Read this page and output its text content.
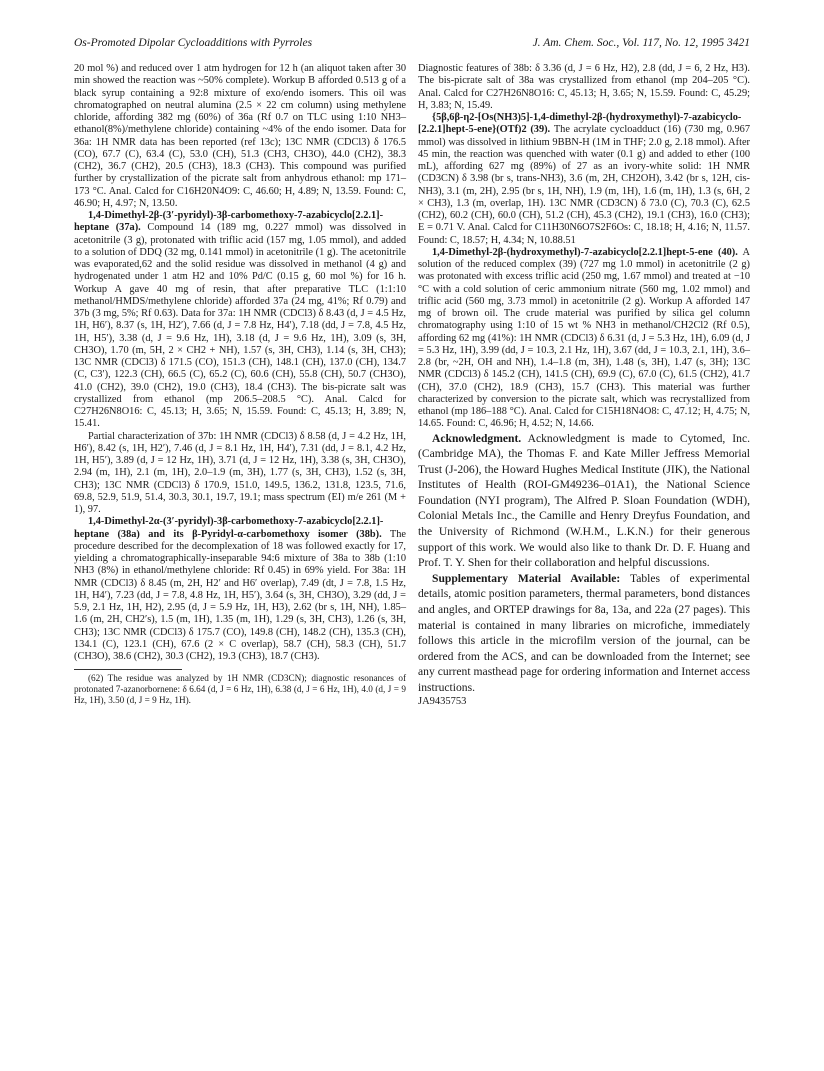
Os-Promoted Dipolar Cycloadditions with Pyrroles	J. Am. Chem. Soc., Vol. 117, No. 12, 1995 3421

20 mol %) and reduced over 1 atm hydrogen for 12 h (an aliquot taken after 30 min showed the reaction was ~50% complete). Workup B afforded 0.513 g of a black syrup containing a 92:8 mixture of exo/endo isomers. This oil was chromatographed on neutral alumina (2.5 × 22 cm column) using methylene chloride, affording 382 mg (60%) of 36a (Rf 0.7 on TLC using 1:10 NH3–ethanol(8%)/methylene chloride) containing ~4% of the endo isomer. Data for 36a: 1H NMR data has been reported (ref 13c); 13C NMR (CDCl3) δ 176.5 (CO), 67.7 (C), 63.4 (C), 53.0 (CH), 51.3 (CH3, CH3O), 44.0 (CH2), 38.3 (CH2), 36.7 (CH2), 20.5 (CH3), 18.3 (CH3). This compound was purified further by crystallization of the picrate salt from anhydrous ethanol: mp 171–173 °C. Anal. Calcd for C16H20N4O9: C, 46.60; H, 4.89; N, 13.59. Found: C, 46.90; H, 4.97; N, 13.50.

1,4-Dimethyl-2β-(3′-pyridyl)-3β-carbomethoxy-7-azabicyclo[2.2.1]-heptane (37a). Compound 14 (189 mg, 0.227 mmol) was dissolved in acetonitrile (3 g), protonated with triflic acid (157 mg, 1.05 mmol), and added to a solution of DDQ (32 mg, 0.141 mmol) in acetonitrile (1 g). The acetonitrile was evaporated,62 and the solid residue was dissolved in methanol (4 g) and hydrogenated under 1 atm H2 and 10% Pd/C (0.15 g, 60 mol %) for 16 h. Workup A gave 40 mg of resin, that after preparative TLC (1:1:10 methanol/HMDS/methylene chloride) afforded 37a (24 mg, 41%; Rf 0.79) and 37b (3 mg, 5%; Rf 0.63). Data for 37a: 1H NMR (CDCl3) δ 8.43 (d, J = 4.5 Hz, 1H, H6′), 8.37 (s, 1H, H2′), 7.66 (d, J = 7.8 Hz, H4′), 7.18 (dd, J = 7.8, 4.5 Hz, 1H, H5′), 3.38 (d, J = 9.6 Hz, 1H), 3.18 (d, J = 9.6 Hz, 1H), 3.09 (s, 3H, CH3O), 1.70 (m, 5H, 2 × CH2 + NH), 1.57 (s, 3H, CH3), 1.14 (s, 3H, CH3); 13C NMR (CDCl3) δ 171.5 (CO), 151.3 (CH), 148.1 (CH), 137.0 (CH), 134.7 (C, C3′), 122.3 (CH), 66.5 (C), 65.2 (C), 60.6 (CH), 55.8 (CH), 50.7 (CH3O), 41.0 (CH2), 39.0 (CH2), 19.0 (CH3), 18.4 (CH3). The bis-picrate salt was crystallized from ethanol (mp 206.5–208.5 °C). Anal. Calcd for C27H26N8O16: C, 45.13; H, 3.65; N, 15.59. Found: C, 45.13; H, 3.89; N, 15.41.

Partial characterization of 37b: 1H NMR (CDCl3) δ 8.58 (d, J = 4.2 Hz, 1H, H6′), 8.42 (s, 1H, H2′), 7.46 (d, J = 8.1 Hz, 1H, H4′), 7.31 (dd, J = 8.1, 4.2 Hz, 1H, H5′), 3.89 (d, J = 12 Hz, 1H), 3.71 (d, J = 12 Hz, 1H), 3.38 (s, 3H, CH3O), 2.94 (m, 1H), 2.1 (m, 1H), 2.0–1.9 (m, 3H), 1.77 (s, 3H, CH3), 1.52 (s, 3H, CH3); 13C NMR (CDCl3) δ 170.9, 151.0, 149.5, 136.2, 131.8, 123.5, 71.6, 69.8, 52.9, 51.9, 51.4, 30.3, 30.1, 19.7, 19.1; mass spectrum (EI) m/e 261 (M + 1), 97.

1,4-Dimethyl-2α-(3′-pyridyl)-3β-carbomethoxy-7-azabicyclo[2.2.1]-heptane (38a) and its β-Pyridyl-α-carbomethoxy isomer (38b). The procedure described for the decomplexation of 18 was followed exactly for 17, yielding a chromatographically-inseparable 94:6 mixture of 38a to 38b (1:10 NH3 (8%) in ethanol/methylene chloride: Rf 0.45) in 69% yield. For 38a: 1H NMR (CDCl3) δ 8.45 (m, 2H, H2′ and H6′ overlap), 7.49 (dt, J = 7.8, 1.5 Hz, 1H, H4′), 7.23 (dd, J = 7.8, 4.8 Hz, 1H, H5′), 3.64 (s, 3H, CH3O), 3.29 (dd, J = 5.9, 2.1 Hz, 1H, H2), 2.95 (d, J = 5.9 Hz, 1H, H3), 2.62 (br s, 1H, NH), 1.85–1.6 (m, 2H, CH2′s), 1.5 (m, 1H), 1.35 (m, 1H), 1.29 (s, 3H, CH3), 1.26 (s, 3H, CH3); 13C NMR (CDCl3) δ 175.7 (CO), 149.8 (CH), 148.2 (CH), 135.3 (CH), 134.1 (C), 123.1 (CH), 67.6 (2 × C overlap), 58.7 (CH), 58.3 (CH), 51.7 (CH3O), 38.6 (CH2), 30.3 (CH2), 19.3 (CH3), 18.7 (CH3).

(62) The residue was analyzed by 1H NMR (CD3CN); diagnostic resonances of protonated 7-azanorbornene: δ 6.64 (d, J = 6 Hz, 1H), 6.38 (d, J = 6 Hz, 1H), 4.0 (d, J = 9 Hz, 1H), 3.50 (d, J = 9 Hz, 1H).

Diagnostic features of 38b: δ 3.36 (d, J = 6 Hz, H2), 2.8 (dd, J = 6, 2 Hz, H3). The bis-picrate salt of 38a was crystallized from ethanol (mp 204–205 °C). Anal. Calcd for C27H26N8O16: C, 45.13; H, 3.65; N, 15.59. Found: C, 45.29; H, 3.83; N, 15.49.

{5β,6β-η2-[Os(NH3)5]-1,4-dimethyl-2β-(hydroxymethyl)-7-azabicyclo-[2.2.1]hept-5-ene}(OTf)2 (39). The acrylate cycloadduct (16) (730 mg, 0.967 mmol) was dissolved in lithium 9BBN-H (1M in THF; 2.0 g, 2.18 mmol). After 45 min, the reaction was quenched with water (0.1 g) and added to ether (100 mL), affording 627 mg (89%) of 27 as an ivory-white solid: 1H NMR (CD3CN) δ 3.98 (br s, trans-NH3), 3.6 (m, 2H, CH2OH), 3.42 (br s, 12H, cis-NH3), 3.1 (m, 2H), 2.95 (br s, 1H, NH), 1.9 (m, 1H), 1.6 (m, 1H), 1.3 (s, 6H, 2 × CH3), 1.3 (m, overlap, 1H). 13C NMR (CD3CN) δ 73.0 (C), 70.3 (C), 62.5 (CH2), 60.2 (CH), 60.0 (CH), 51.2 (CH), 45.3 (CH2), 19.1 (CH3), 16.0 (CH3); E = 0.71 V. Anal. Calcd for C11H30N6O7S2F6Os: C, 18.18; H, 4.16; N, 11.57. Found: C, 18.57; H, 4.34; N, 10.88.51

1,4-Dimethyl-2β-(hydroxymethyl)-7-azabicyclo[2.2.1]hept-5-ene (40). A solution of the reduced complex (39) (727 mg 1.0 mmol) in acetonitrile (2 g) was protonated with excess triflic acid (250 mg, 1.67 mmol) and treated at −10 °C with a cold solution of ceric ammonium nitrate (560 mg, 1.02 mmol) and triflic acid (560 mg, 3.73 mmol) in acetonitrile (2 g). Workup A afforded 147 mg of brown oil. The crude material was purified by silica gel column chromatography using 1:10 of 15 wt % NH3 in methanol/CH2Cl2 (Rf 0.5), affording 62 mg (41%): 1H NMR (CDCl3) δ 6.31 (d, J = 5.3 Hz, 1H), 6.09 (d, J = 5.3 Hz, 1H), 3.99 (dd, J = 10.3, 2.1 Hz, 1H), 3.67 (dd, J = 10.3, 2.1, 1H), 3.6–2.8 (br, ~2H, OH and NH), 1.4–1.8 (m, 3H), 1.48 (s, 3H), 1.47 (s, 3H); 13C NMR (CDCl3) δ 145.2 (CH), 141.5 (CH), 69.9 (C), 67.0 (C), 61.5 (CH2), 41.7 (CH), 37.0 (CH2), 18.9 (CH3), 15.7 (CH3). This material was further characterized by conversion to the picrate salt, which was recrystallized from ethanol (mp 186–188 °C). Anal. Calcd for C15H18N4O8: C, 47.12; H, 4.75; N, 14.65. Found: C, 46.96; H, 4.52; N, 14.66.

Acknowledgment. Acknowledgment is made to Cytomed, Inc. (Cambridge MA), the Thomas F. and Kate Miller Jeffress Memorial Trust (J-206), the Howard Hughes Medical Institute (JIK), the National Institutes of Health (ROI-GM49236–01A1), the National Science Foundation (NYI program), The Alfred P. Sloan Foundation (WDH), Colonial Metals Inc., the Camille and Henry Dreyfus Foundation, and the University of Richmond (W.H.M., L.K.N.) for their generous support of this work. We would also like to thank Dr. D. F. Huang and Prof. T. Y. Shen for their collaboration and helpful discussions.

Supplementary Material Available: Tables of experimental details, atomic position parameters, thermal parameters, bond distances and angles, and ORTEP drawings for 8a, 13a, and 22a (27 pages). This material is contained in many libraries on microfiche, immediately follows this article in the microfilm version of the journal, can be ordered from the ACS, and can be downloaded from the Internet; see any current masthead page for ordering information and Internet access instructions.

JA9435753
